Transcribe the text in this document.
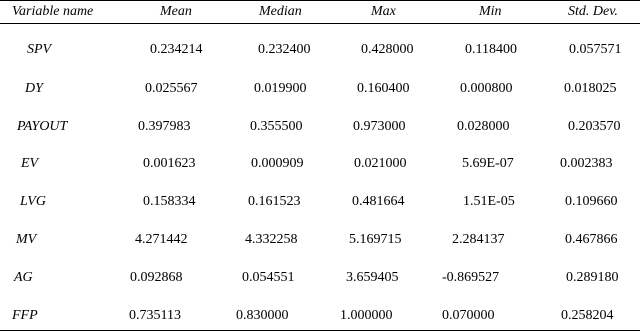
Variable name	Mean	Median	Max	Min	Std. Dev.
SPV	0.234214	0.232400	0.428000	0.118400	0.057571
DY	0.025567	0.019900	0.160400	0.000800	0.018025
PAYOUT	0.397983	0.355500	0.973000	0.028000	0.203570
EV	0.001623	0.000909	0.021000	5.69E-07	0.002383
LVG	0.158334	0.161523	0.481664	1.51E-05	0.109660
MV	4.271442	4.332258	5.169715	2.284137	0.467866
AG	0.092868	0.054551	3.659405	-0.869527	0.289180
FFP	0.735113	0.830000	1.000000	0.070000	0.258204
